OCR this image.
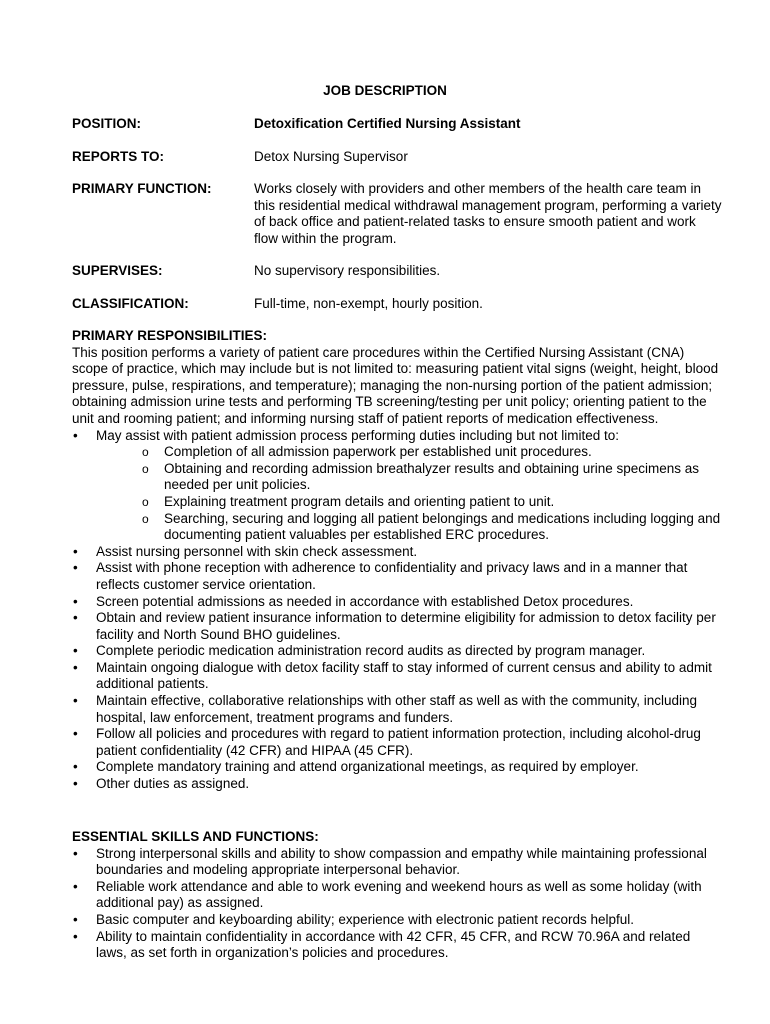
JOB DESCRIPTION
POSITION:	Detoxification Certified Nursing Assistant
REPORTS TO:	Detox Nursing Supervisor
PRIMARY FUNCTION:	Works closely with providers and other members of the health care team in this residential medical withdrawal management program, performing a variety of back office and patient-related tasks to ensure smooth patient and work flow within the program.
SUPERVISES:	No supervisory responsibilities.
CLASSIFICATION:	Full-time, non-exempt, hourly position.
PRIMARY RESPONSIBILITIES:
This position performs a variety of patient care procedures within the Certified Nursing Assistant (CNA) scope of practice, which may include but is not limited to: measuring patient vital signs (weight, height, blood pressure, pulse, respirations, and temperature); managing the non-nursing portion of the patient admission; obtaining admission urine tests and performing TB screening/testing per unit policy; orienting patient to the unit and rooming patient; and informing nursing staff of patient reports of medication effectiveness.
• May assist with patient admission process performing duties including but not limited to:
o Completion of all admission paperwork per established unit procedures.
o Obtaining and recording admission breathalyzer results and obtaining urine specimens as needed per unit policies.
o Explaining treatment program details and orienting patient to unit.
o Searching, securing and logging all patient belongings and medications including logging and documenting patient valuables per established ERC procedures.
• Assist nursing personnel with skin check assessment.
• Assist with phone reception with adherence to confidentiality and privacy laws and in a manner that reflects customer service orientation.
• Screen potential admissions as needed in accordance with established Detox procedures.
• Obtain and review patient insurance information to determine eligibility for admission to detox facility per facility and North Sound BHO guidelines.
• Complete periodic medication administration record audits as directed by program manager.
• Maintain ongoing dialogue with detox facility staff to stay informed of current census and ability to admit additional patients.
• Maintain effective, collaborative relationships with other staff as well as with the community, including hospital, law enforcement, treatment programs and funders.
• Follow all policies and procedures with regard to patient information protection, including alcohol-drug patient confidentiality (42 CFR) and HIPAA (45 CFR).
• Complete mandatory training and attend organizational meetings, as required by employer.
• Other duties as assigned.
ESSENTIAL SKILLS AND FUNCTIONS:
• Strong interpersonal skills and ability to show compassion and empathy while maintaining professional boundaries and modeling appropriate interpersonal behavior.
• Reliable work attendance and able to work evening and weekend hours as well as some holiday (with additional pay) as assigned.
• Basic computer and keyboarding ability; experience with electronic patient records helpful.
• Ability to maintain confidentiality in accordance with 42 CFR, 45 CFR, and RCW 70.96A and related laws, as set forth in organization’s policies and procedures.
